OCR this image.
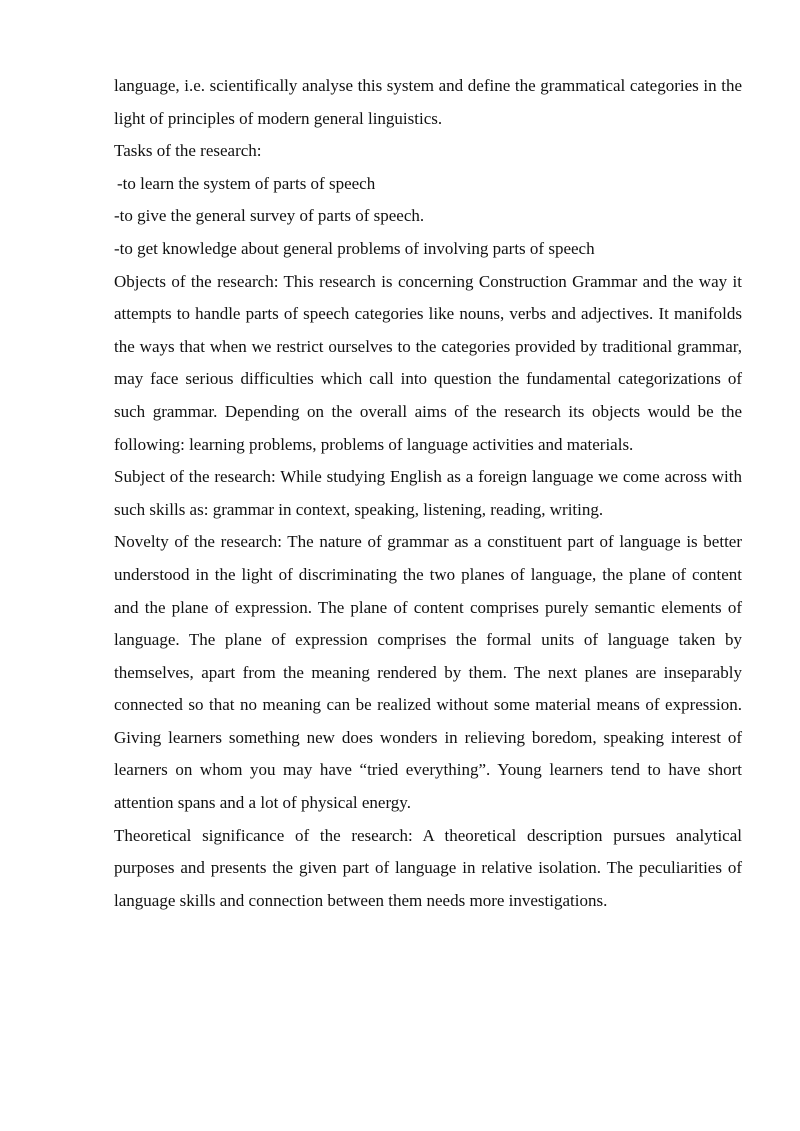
language, i.e. scientifically analyse this system and define the grammatical categories in the light of principles of modern general linguistics.

Tasks of the research:

-to learn the system of parts of speech

-to give the general survey of parts of speech.

-to get knowledge about general problems of involving parts of speech

Objects of the research: This research is concerning Construction Grammar and the way it attempts to handle parts of speech categories like nouns, verbs and adjectives. It manifolds the ways that when we restrict ourselves to the categories provided by traditional grammar, may face serious difficulties which call into question the fundamental categorizations of such grammar. Depending on the overall aims of the research its objects would be the following: learning problems, problems of language activities and materials.

Subject of the research: While studying English as a foreign language we come across with such skills as: grammar in context, speaking, listening, reading, writing.

Novelty of the research: The nature of grammar as a constituent part of language is better understood in the light of discriminating the two planes of language, the plane of content and the plane of expression. The plane of content comprises purely semantic elements of language. The plane of expression comprises the formal units of language taken by themselves, apart from the meaning rendered by them. The next planes are inseparably connected so that no meaning can be realized without some material means of expression. Giving learners something new does wonders in relieving boredom, speaking interest of learners on whom you may have “tried everything”. Young learners tend to have short attention spans and a lot of physical energy.

Theoretical significance of the research: A theoretical description pursues analytical purposes and presents the given part of language in relative isolation. The peculiarities of language skills and connection between them needs more investigations.
